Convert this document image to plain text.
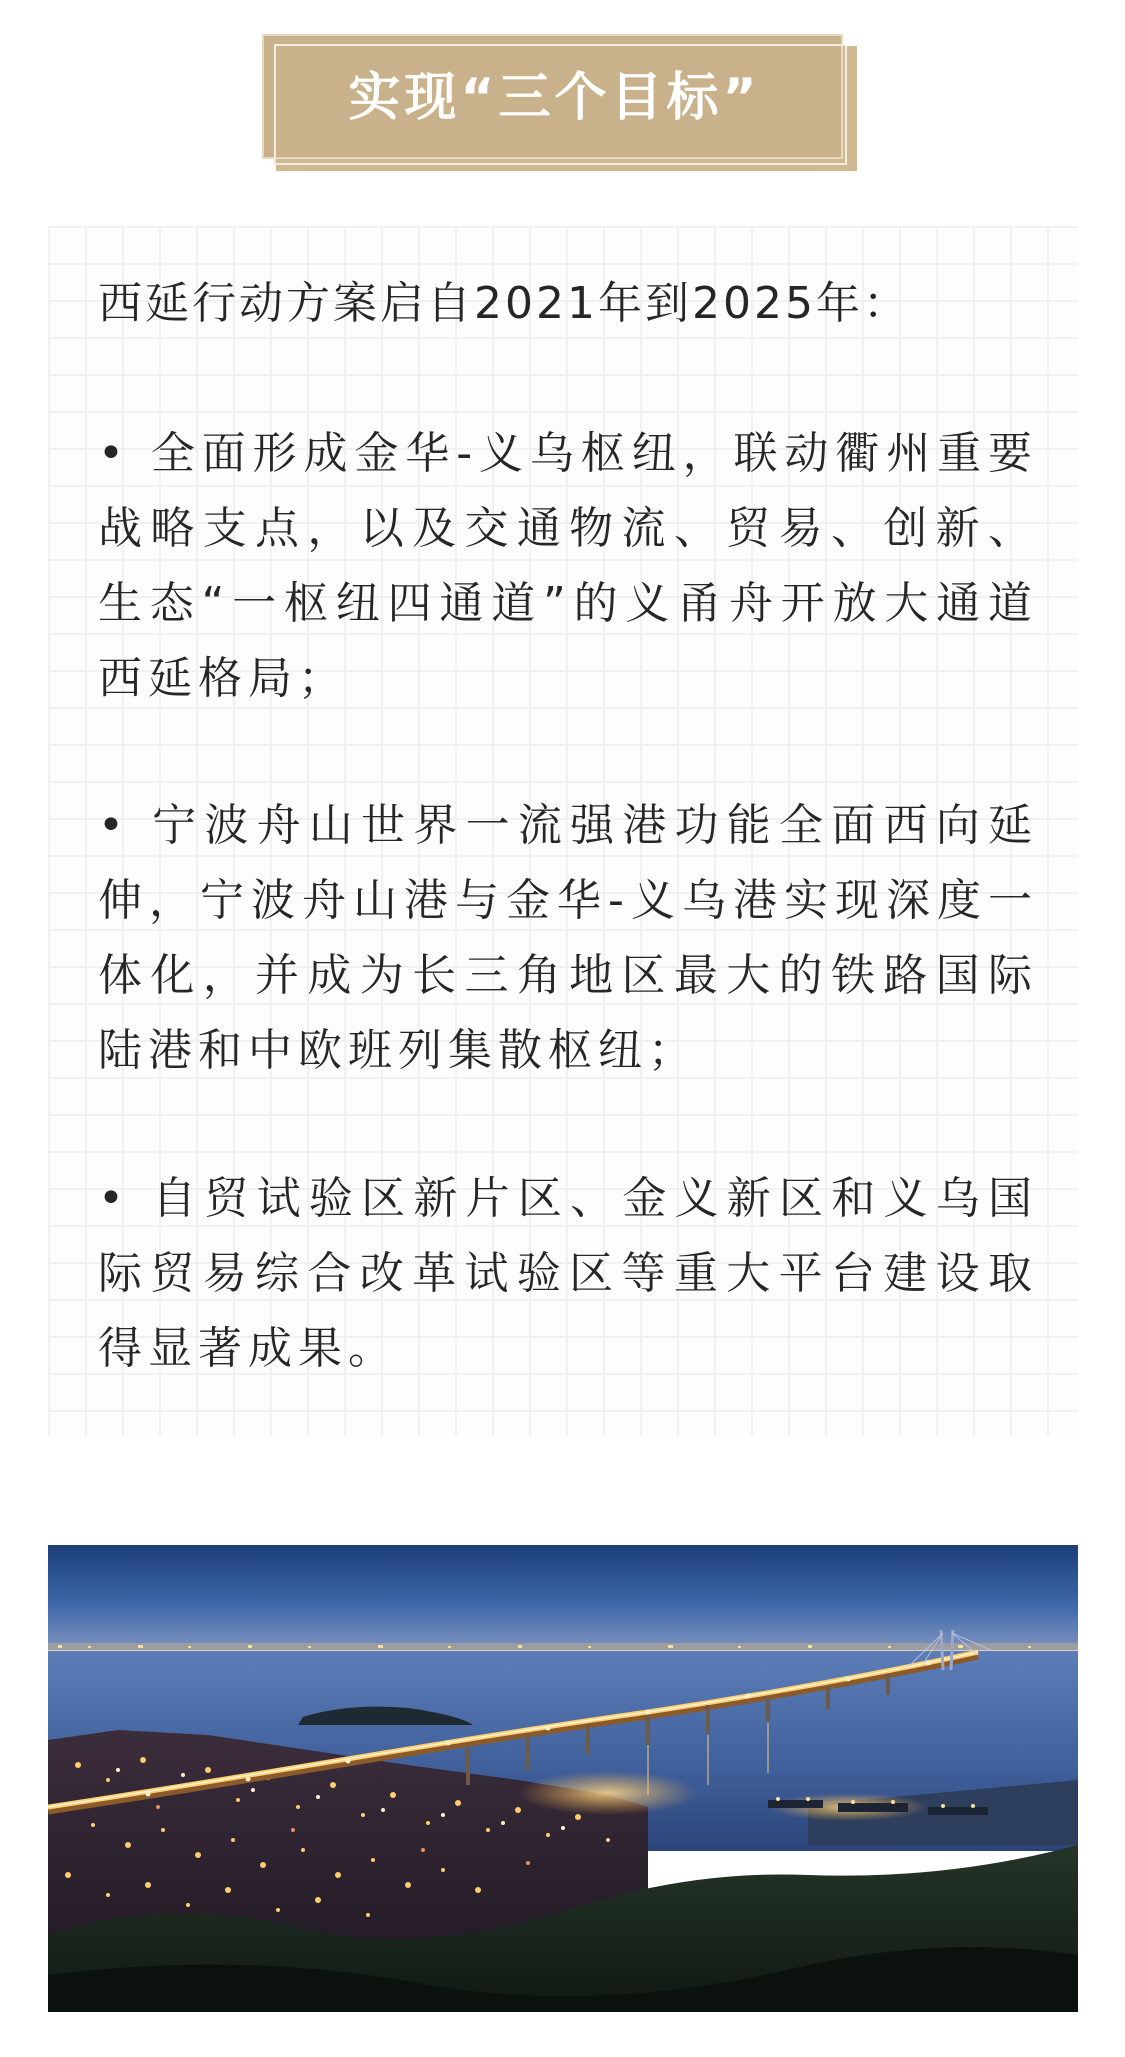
实现“三个目标”

西延行动方案启自2021年到2025年：

• 全面形成金华-义乌枢纽，联动衢州重要战略支点，以及交通物流、贸易、创新、生态“一枢纽四通道”的义甬舟开放大通道西延格局；

• 宁波舟山世界一流强港功能全面西向延伸，宁波舟山港与金华-义乌港实现深度一体化，并成为长三角地区最大的铁路国际陆港和中欧班列集散枢纽；

• 自贸试验区新片区、金义新区和义乌国际贸易综合改革试验区等重大平台建设取得显著成果。
